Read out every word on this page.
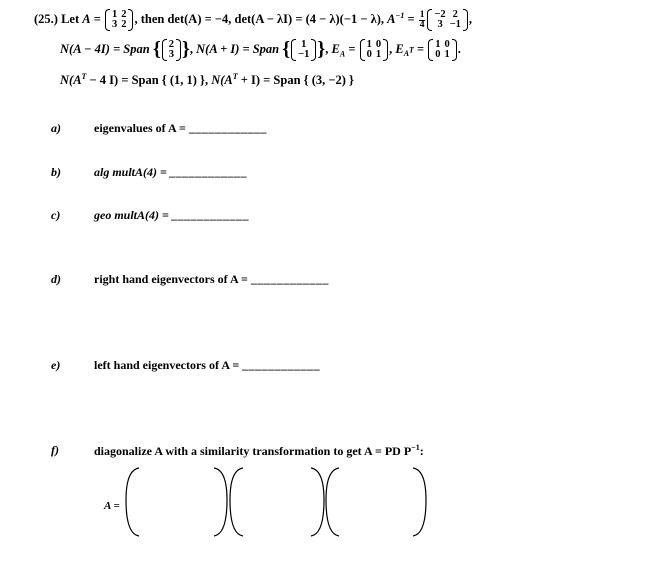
(25.) Let A = 1	2
3	2 , then det(A) = −4, det(A − λI) = (4 − λ)(−1 − λ), $A^{-1} = \frac{1}{4} -2$	2
3	−1 ,
N(A − 4I) = Span { 2
3 }, N(A + I) = Span { 1
−1 }, $E_A = 1$	0
0	1 , $E_{A^T} = 1$	0
0	1 .
$N(A^T - 4$ I) = Span { (1, 1) }, $N(A^T + I)$ = Span { (3, −2) }
a)	eigenvalues of A = ____________
b)	alg multA(4) = ____________
c)	geo multA(4) = ____________
d)	right hand eigenvectors of A = ____________
e)	left hand eigenvectors of A = ____________
f)	diagonalize A with a similarity transformation to get A = PD $P^{-1}$:
A =
